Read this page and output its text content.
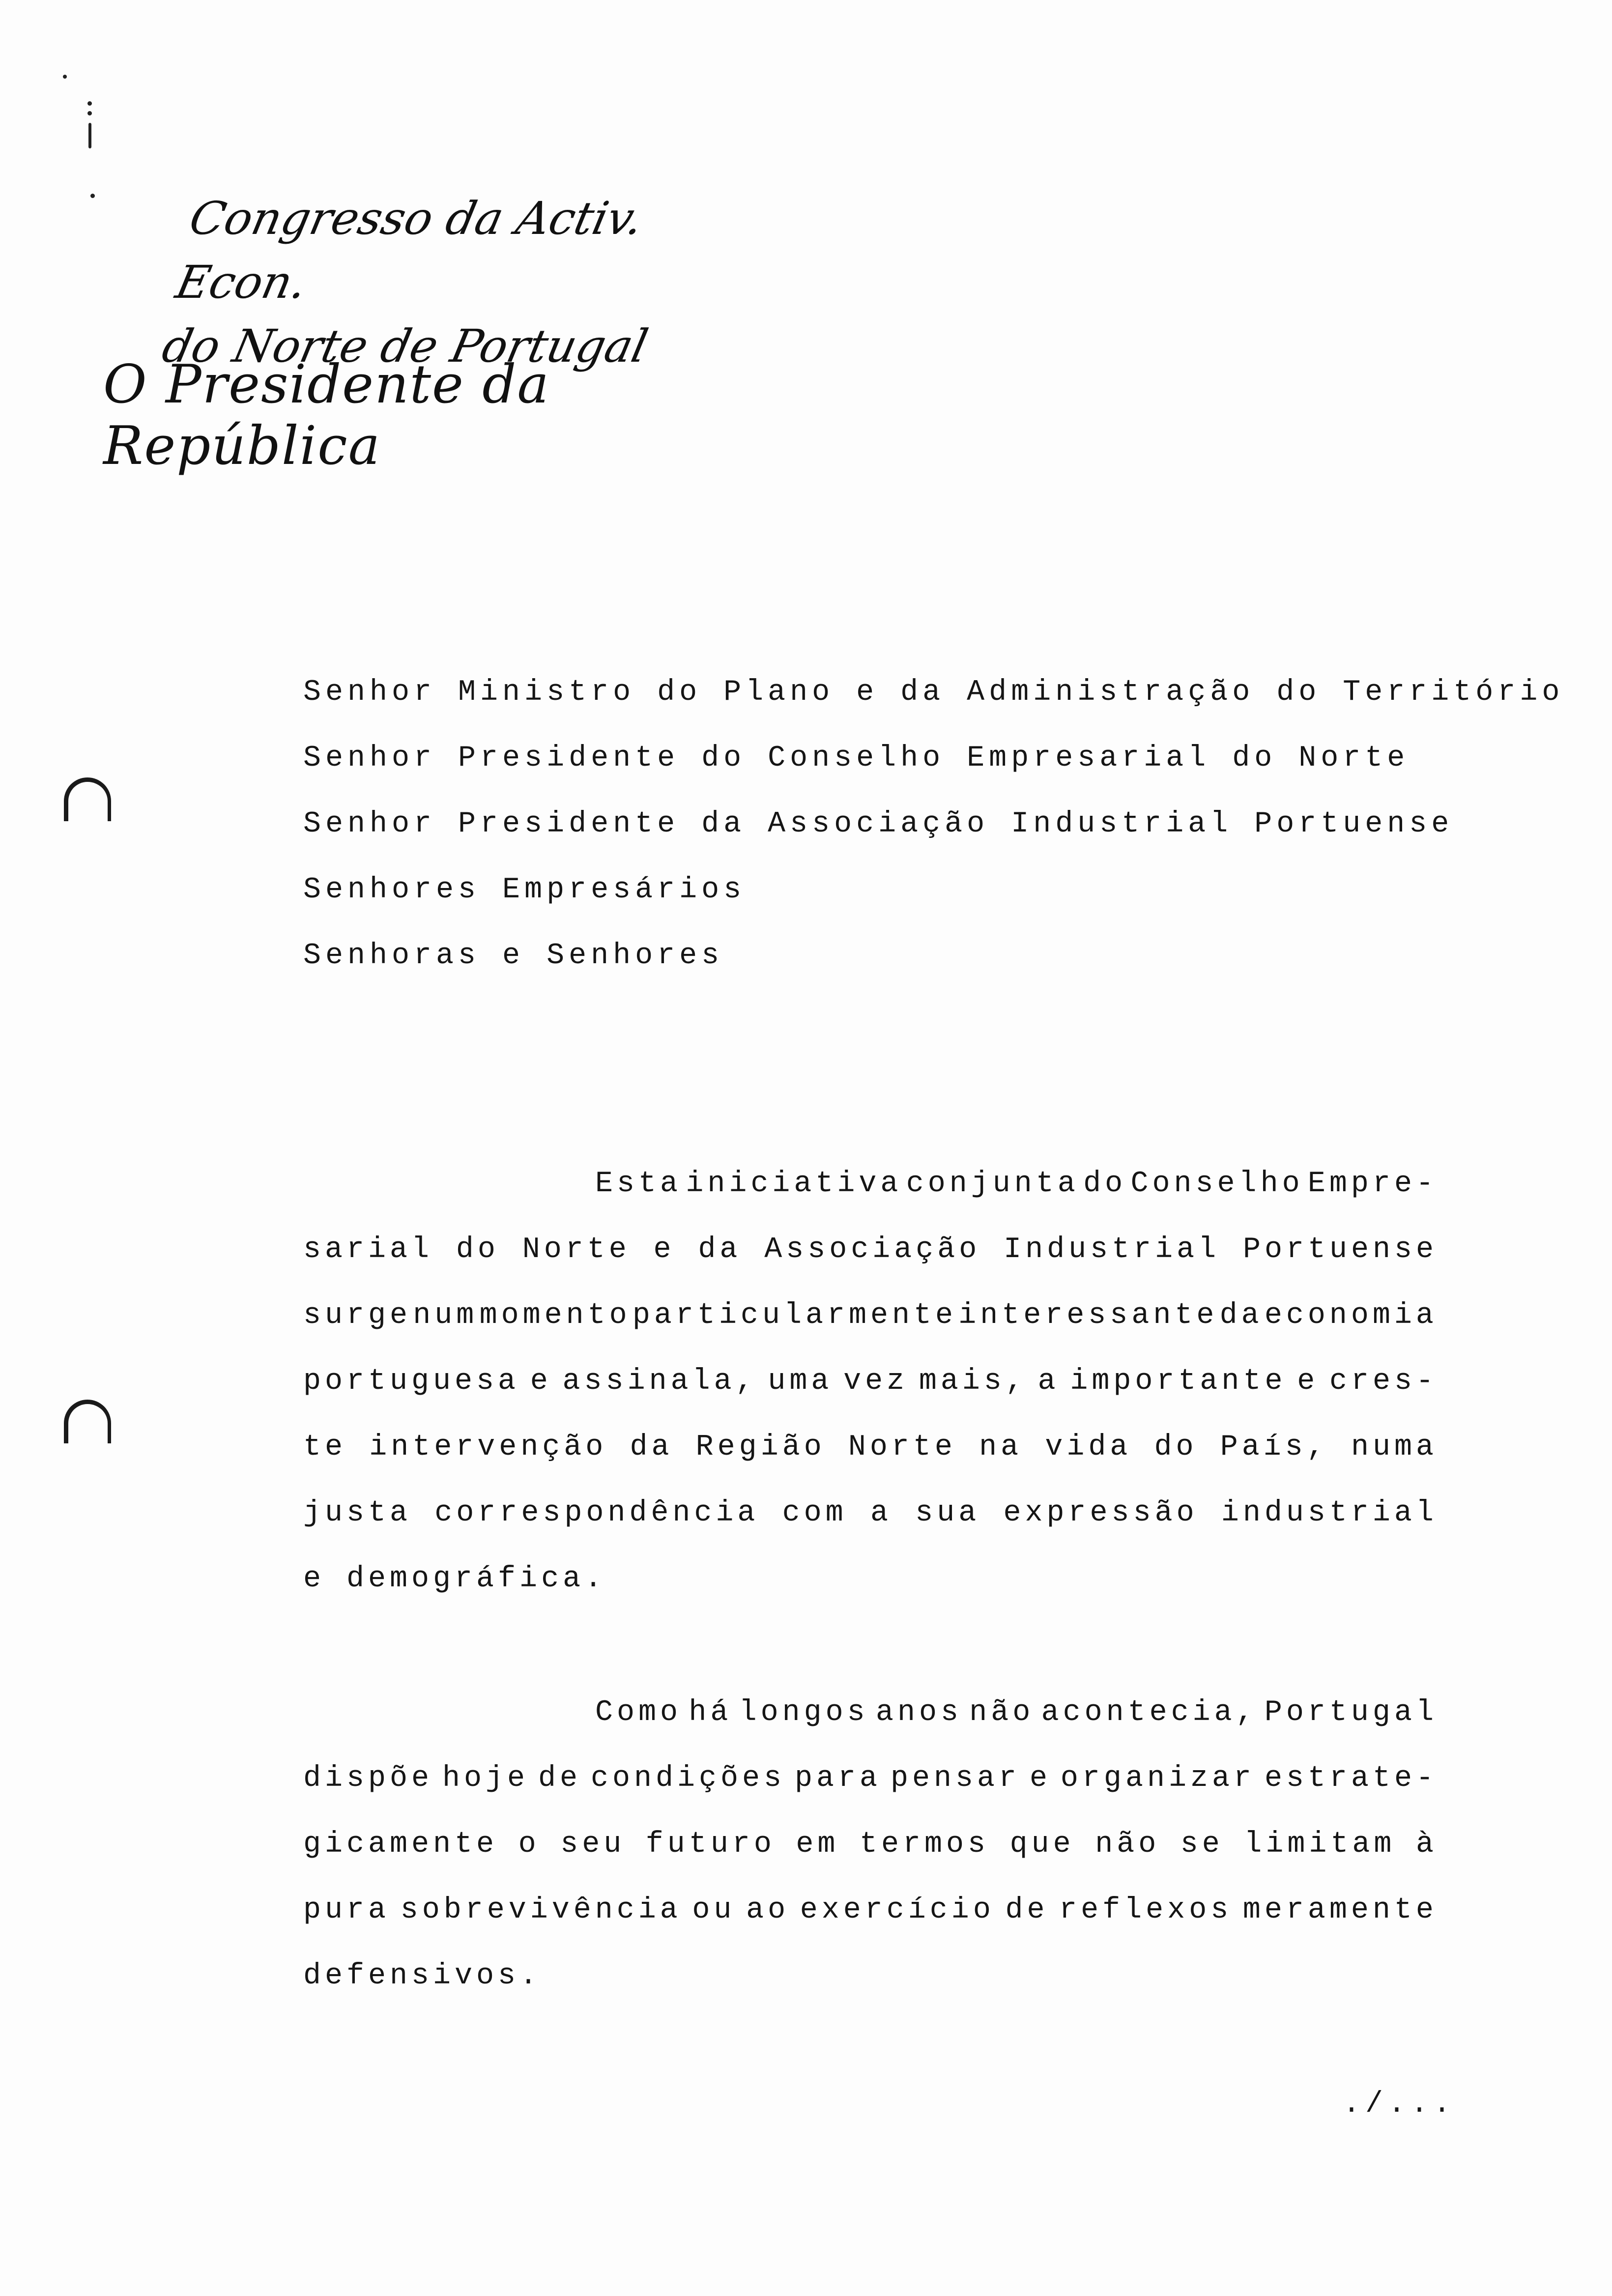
Congresso da Activ. Econ.
do Norte de Portugal
O Presidente da República
Senhor Ministro do Plano e da Administração do Território
Senhor Presidente do Conselho Empresarial do Norte
Senhor Presidente da Associação Industrial Portuense
Senhores Empresários
Senhoras e Senhores
Esta iniciativa conjunta do Conselho Empre-
sarial do Norte e da Associação Industrial Portuense
surge num momento particularmente interessante da economia
portuguesa e assinala, uma vez mais, a importante e cres-
te intervenção da Região Norte na vida do País, numa
justa correspondência com a sua expressão industrial
e demográfica.
Como há longos anos não acontecia, Portugal
dispõe hoje de condições para pensar e organizar estrate-
gicamente o seu futuro em termos que não se limitam à
pura sobrevivência ou ao exercício de reflexos meramente
defensivos.
./...
